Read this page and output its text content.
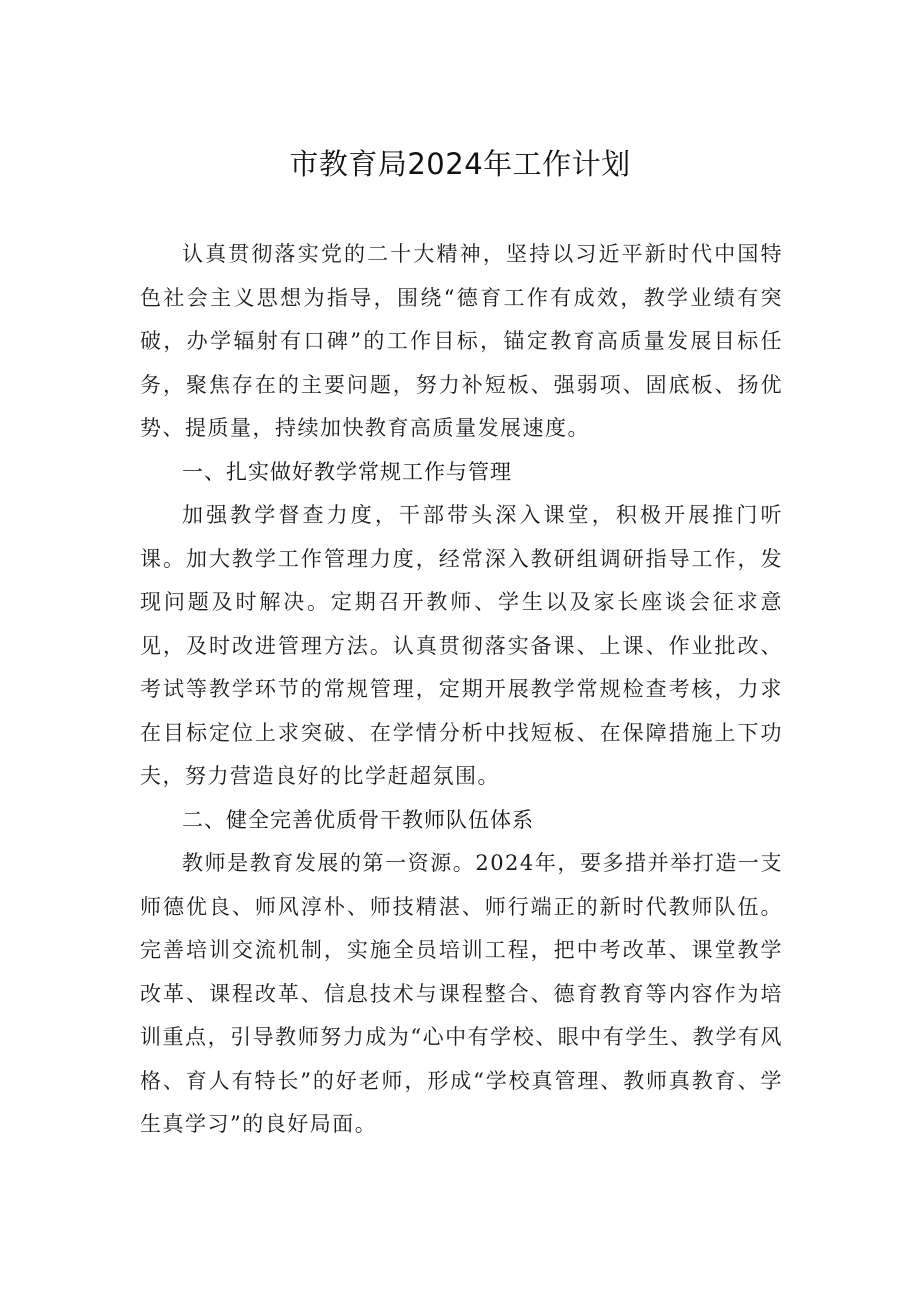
市教育局2024年工作计划

认真贯彻落实党的二十大精神，坚持以习近平新时代中国特色社会主义思想为指导，围绕“德育工作有成效，教学业绩有突破，办学辐射有口碑”的工作目标，锚定教育高质量发展目标任务，聚焦存在的主要问题，努力补短板、强弱项、固底板、扬优势、提质量，持续加快教育高质量发展速度。

一、扎实做好教学常规工作与管理

加强教学督查力度，干部带头深入课堂，积极开展推门听课。加大教学工作管理力度，经常深入教研组调研指导工作，发现问题及时解决。定期召开教师、学生以及家长座谈会征求意见，及时改进管理方法。认真贯彻落实备课、上课、作业批改、考试等教学环节的常规管理，定期开展教学常规检查考核，力求在目标定位上求突破、在学情分析中找短板、在保障措施上下功夫，努力营造良好的比学赶超氛围。

二、健全完善优质骨干教师队伍体系

教师是教育发展的第一资源。2024年，要多措并举打造一支师德优良、师风淳朴、师技精湛、师行端正的新时代教师队伍。完善培训交流机制，实施全员培训工程，把中考改革、课堂教学改革、课程改革、信息技术与课程整合、德育教育等内容作为培训重点，引导教师努力成为“心中有学校、眼中有学生、教学有风格、育人有特长”的好老师，形成“学校真管理、教师真教育、学生真学习”的良好局面。
